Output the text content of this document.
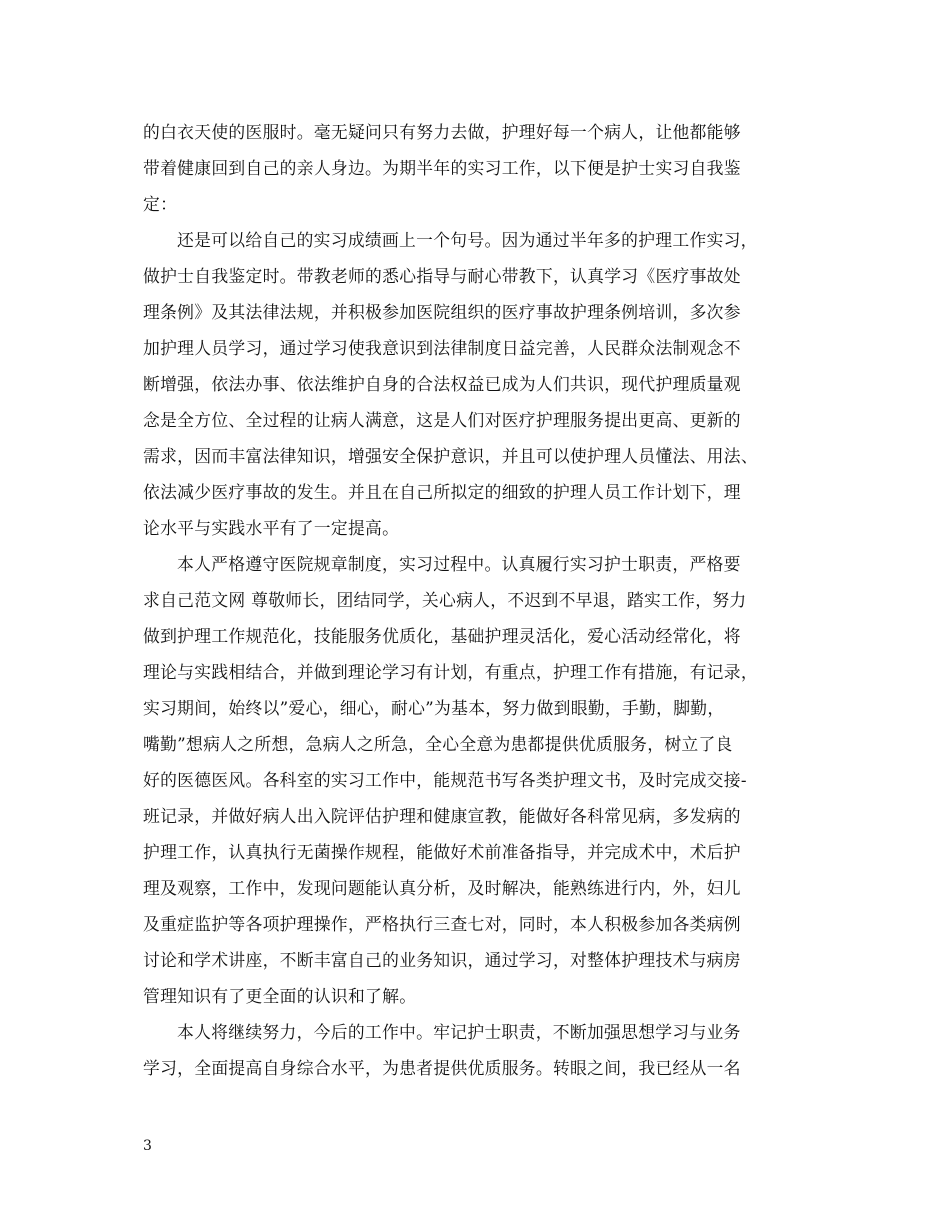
的白衣天使的医服时。毫无疑问只有努力去做，护理好每一个病人，让他都能够

带着健康回到自己的亲人身边。为期半年的实习工作，以下便是护士实习自我鉴

定：

还是可以给自己的实习成绩画上一个句号。因为通过半年多的护理工作实习，

做护士自我鉴定时。带教老师的悉心指导与耐心带教下，认真学习《医疗事故处

理条例》及其法律法规，并积极参加医院组织的医疗事故护理条例培训，多次参

加护理人员学习，通过学习使我意识到法律制度日益完善，人民群众法制观念不

断增强，依法办事、依法维护自身的合法权益已成为人们共识，现代护理质量观

念是全方位、全过程的让病人满意，这是人们对医疗护理服务提出更高、更新的

需求，因而丰富法律知识，增强安全保护意识，并且可以使护理人员懂法、用法、

依法减少医疗事故的发生。并且在自己所拟定的细致的护理人员工作计划下，理

论水平与实践水平有了一定提高。

本人严格遵守医院规章制度，实习过程中。认真履行实习护士职责，严格要

求自己范文网 尊敬师长，团结同学，关心病人，不迟到不早退，踏实工作，努力

做到护理工作规范化，技能服务优质化，基础护理灵活化，爱心活动经常化，将

理论与实践相结合，并做到理论学习有计划，有重点，护理工作有措施，有记录，

实习期间，始终以”爱心，细心，耐心”为基本，努力做到眼勤，手勤，脚勤，

嘴勤”想病人之所想，急病人之所急，全心全意为患都提供优质服务，树立了良

好的医德医风。各科室的实习工作中，能规范书写各类护理文书，及时完成交接-

班记录，并做好病人出入院评估护理和健康宣教，能做好各科常见病，多发病的

护理工作，认真执行无菌操作规程，能做好术前准备指导，并完成术中，术后护

理及观察，工作中，发现问题能认真分析，及时解决，能熟练进行内，外，妇儿

及重症监护等各项护理操作，严格执行三查七对，同时，本人积极参加各类病例

讨论和学术讲座，不断丰富自己的业务知识，通过学习，对整体护理技术与病房

管理知识有了更全面的认识和了解。

本人将继续努力，今后的工作中。牢记护士职责，不断加强思想学习与业务

学习，全面提高自身综合水平，为患者提供优质服务。转眼之间，我已经从一名

3
